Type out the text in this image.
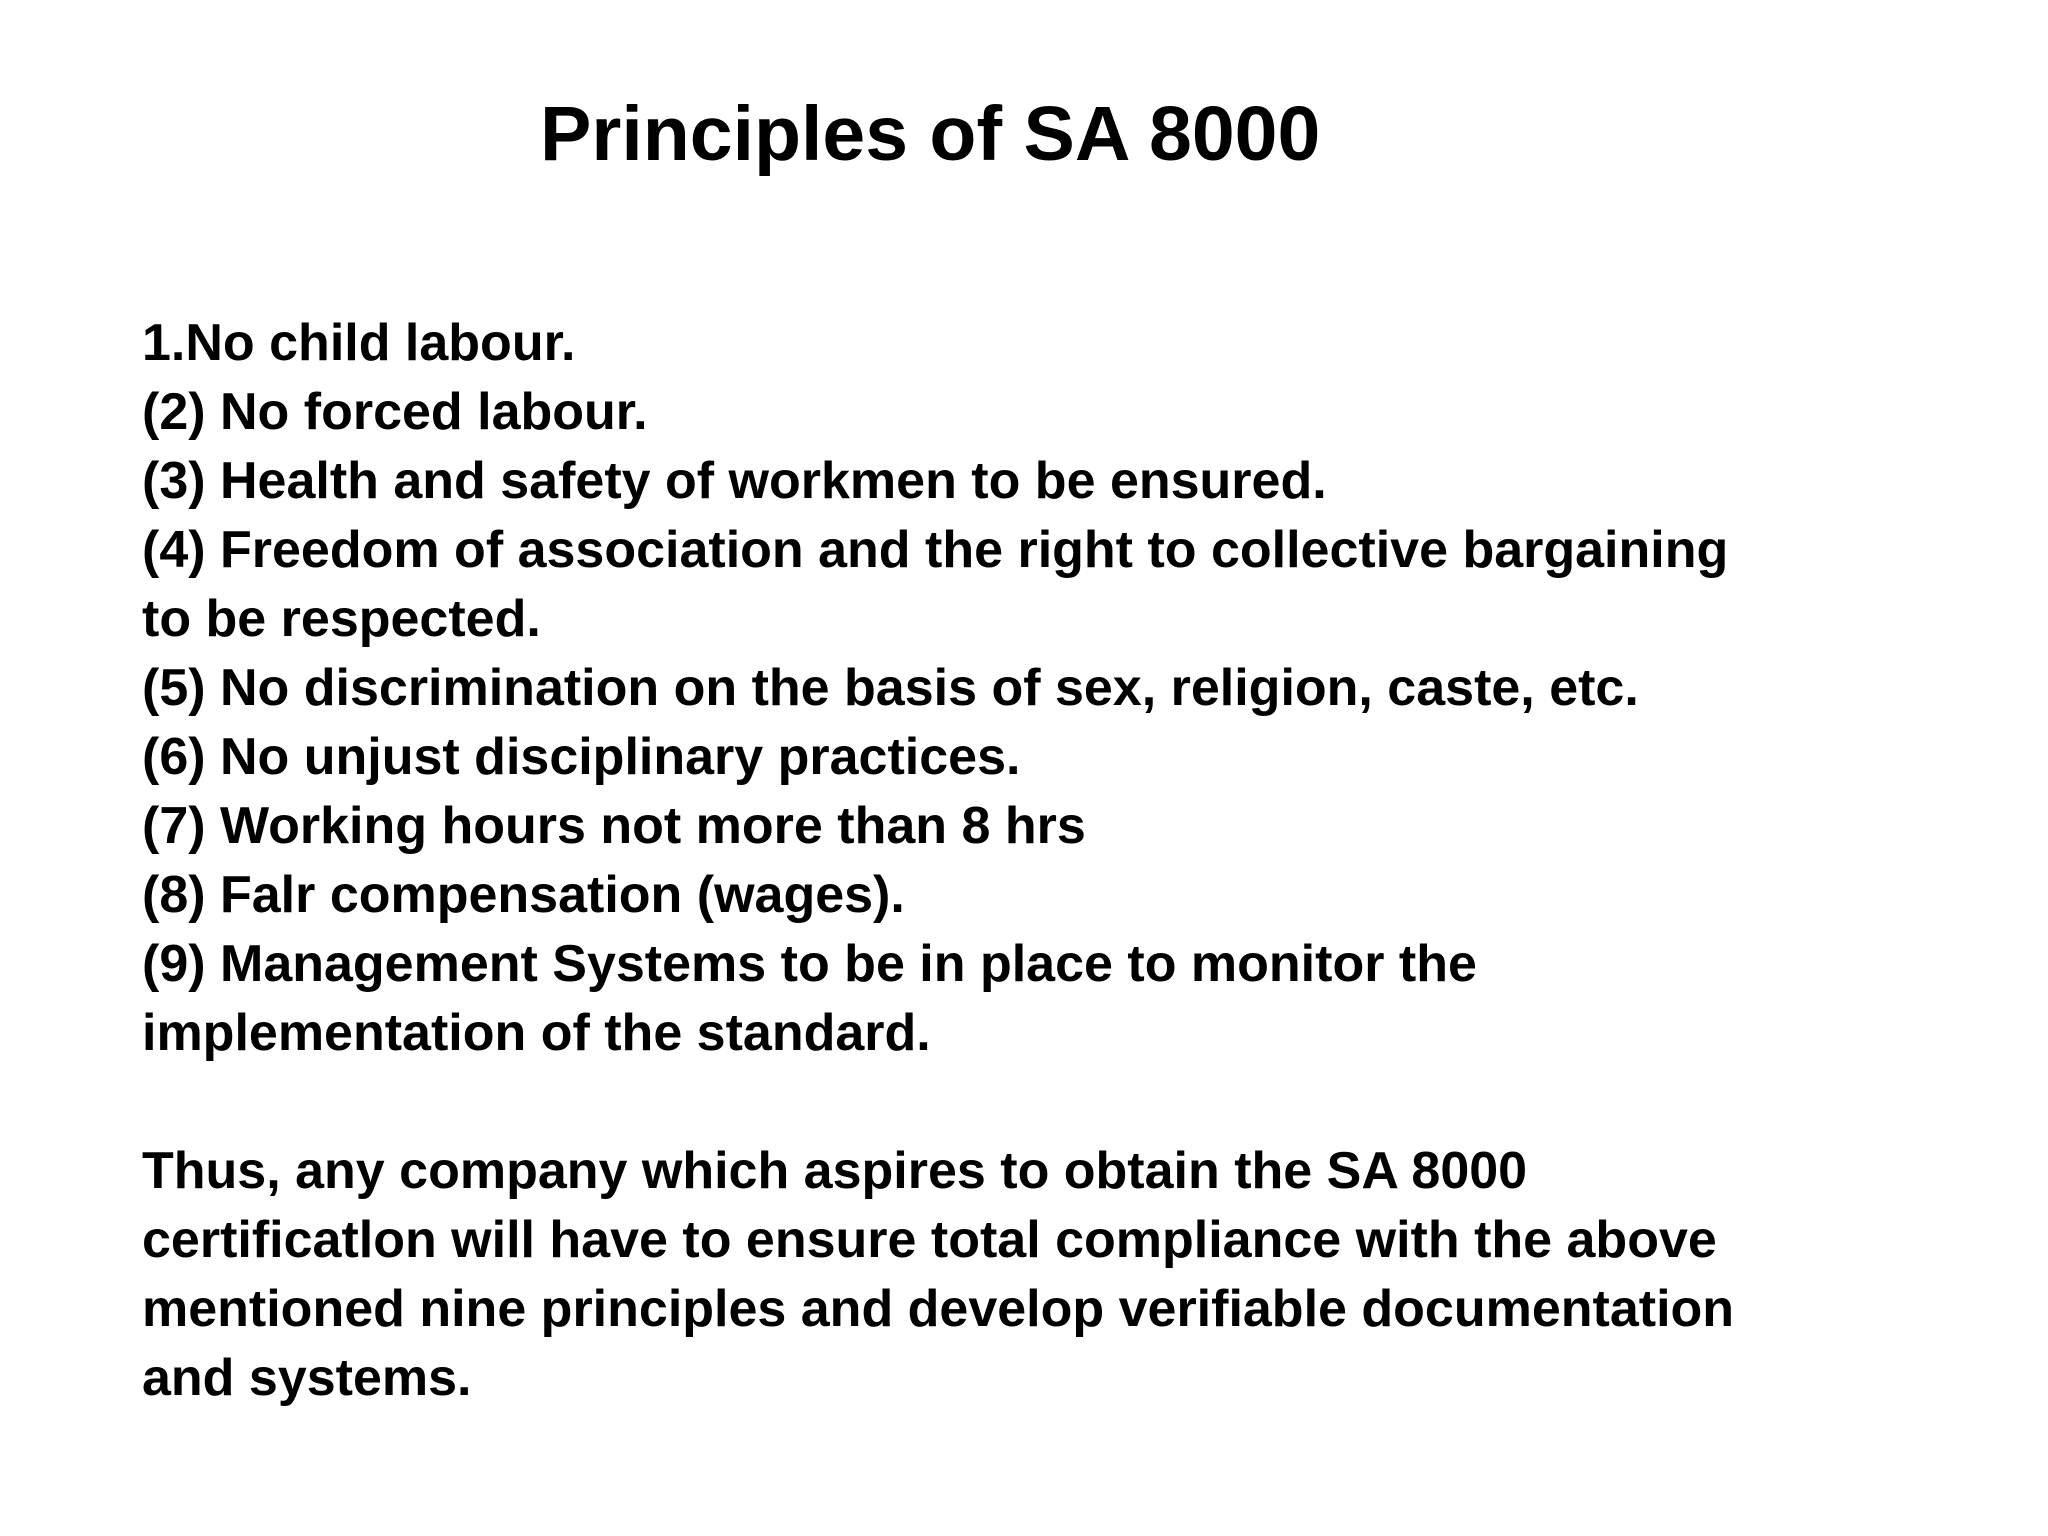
Principles of SA 8000
1.No child labour.
(2) No forced labour.
(3) Health and safety of workmen to be ensured.
(4) Freedom of association and the right to collective bargaining
to be respected.
(5) No discrimination on the basis of sex, religion, caste, etc.
(6) No unjust disciplinary practices.
(7) Working hours not more than 8 hrs
(8) Falr compensation (wages).
(9) Management Systems to be in place to monitor the
implementation of the standard.
Thus, any company which aspires to obtain the SA 8000
certificatlon will have to ensure total compliance with the above
mentioned nine principles and develop verifiable documentation
and systems.
